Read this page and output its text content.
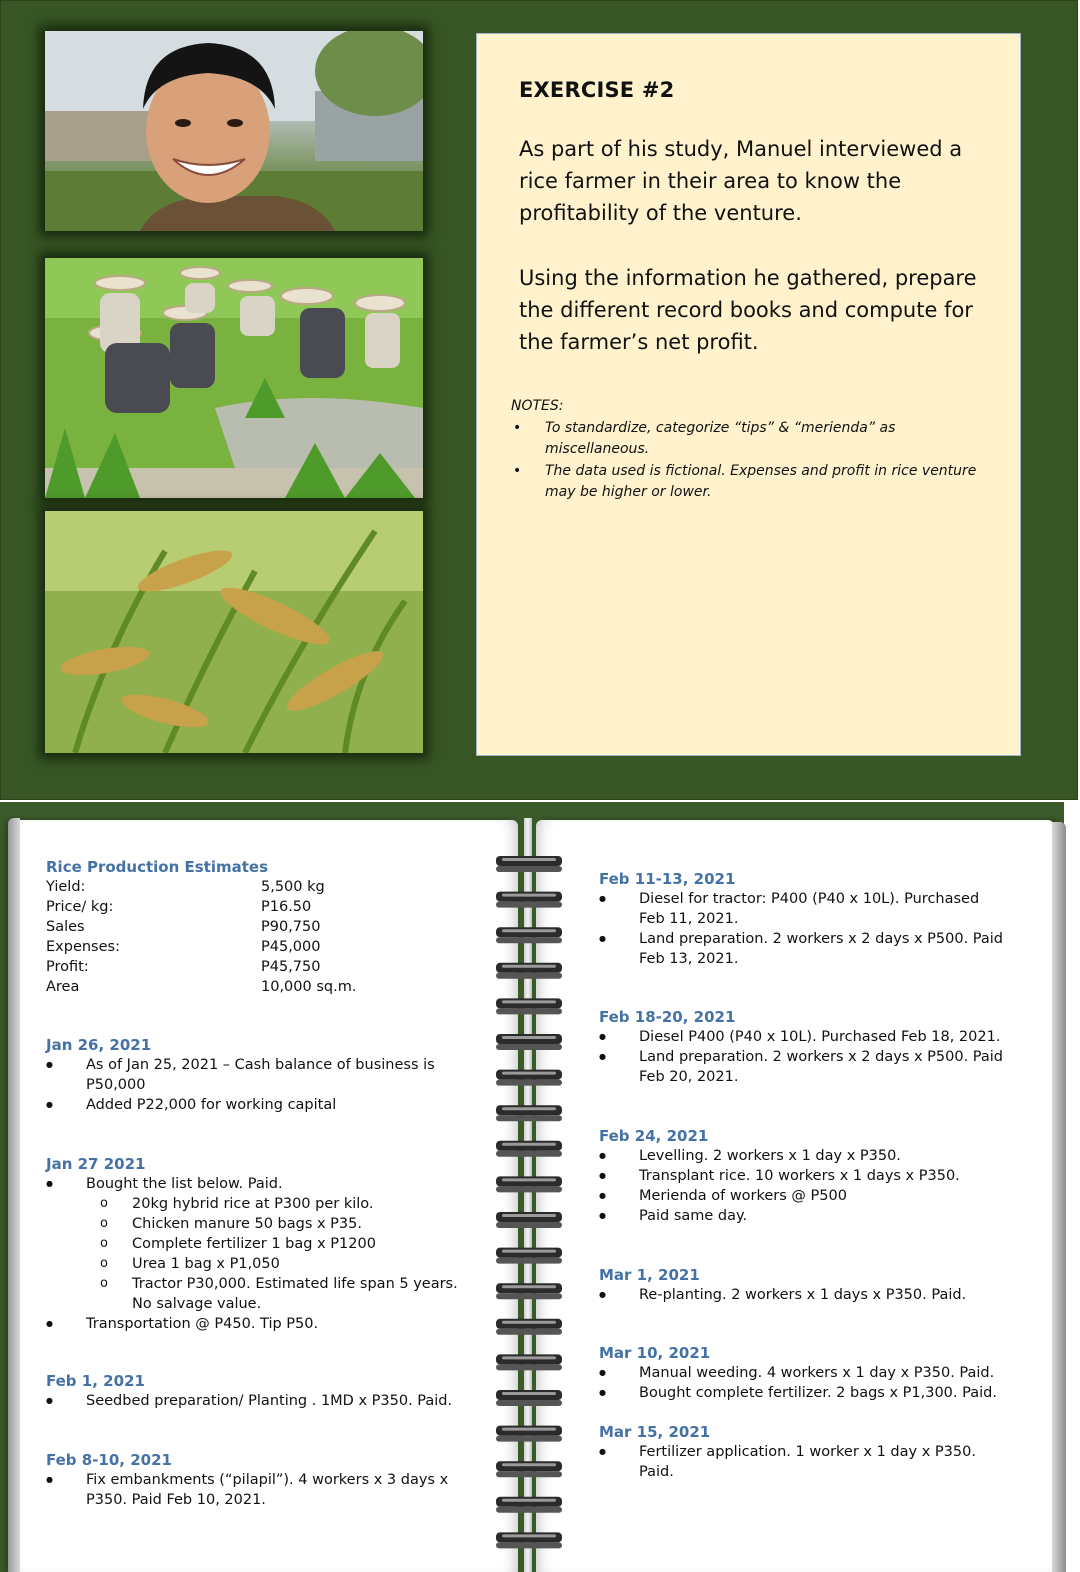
EXERCISE #2

As part of his study, Manuel interviewed a rice farmer in their area to know the profitability of the venture.

Using the information he gathered, prepare the different record books and compute for the farmer’s net profit.

NOTES:
• To standardize, categorize “tips” & “merienda” as miscellaneous.
• The data used is fictional. Expenses and profit in rice venture may be higher or lower.
Rice Production Estimates
Yield:	5,500 kg
Price/ kg:	P16.50
Sales	P90,750
Expenses:	P45,000
Profit:	P45,750
Area	10,000 sq.m.
Jan 26, 2021
● As of Jan 25, 2021 – Cash balance of business is P50,000
● Added P22,000 for working capital
Jan 27 2021
● Bought the list below. Paid.
o 20kg hybrid rice at P300 per kilo.
o Chicken manure 50 bags x P35.
o Complete fertilizer 1 bag x P1200
o Urea 1 bag x P1,050
o Tractor P30,000. Estimated life span 5 years. No salvage value.
● Transportation @ P450. Tip P50.
Feb 1, 2021
● Seedbed preparation/ Planting . 1MD x P350. Paid.
Feb 8-10, 2021
● Fix embankments (“pilapil”). 4 workers x 3 days x P350. Paid Feb 10, 2021.
Feb 11-13, 2021
● Diesel for tractor: P400 (P40 x 10L). Purchased Feb 11, 2021.
● Land preparation. 2 workers x 2 days x P500. Paid Feb 13, 2021.
Feb 18-20, 2021
● Diesel P400 (P40 x 10L). Purchased Feb 18, 2021.
● Land preparation. 2 workers x 2 days x P500. Paid Feb 20, 2021.
Feb 24, 2021
● Levelling. 2 workers x 1 day x P350.
● Transplant rice. 10 workers x 1 days x P350.
● Merienda of workers @ P500
● Paid same day.
Mar 1, 2021
● Re-planting. 2 workers x 1 days x P350. Paid.
Mar 10, 2021
● Manual weeding. 4 workers x 1 day x P350. Paid.
● Bought complete fertilizer. 2 bags x P1,300. Paid.
Mar 15, 2021
● Fertilizer application. 1 worker x 1 day x P350. Paid.
